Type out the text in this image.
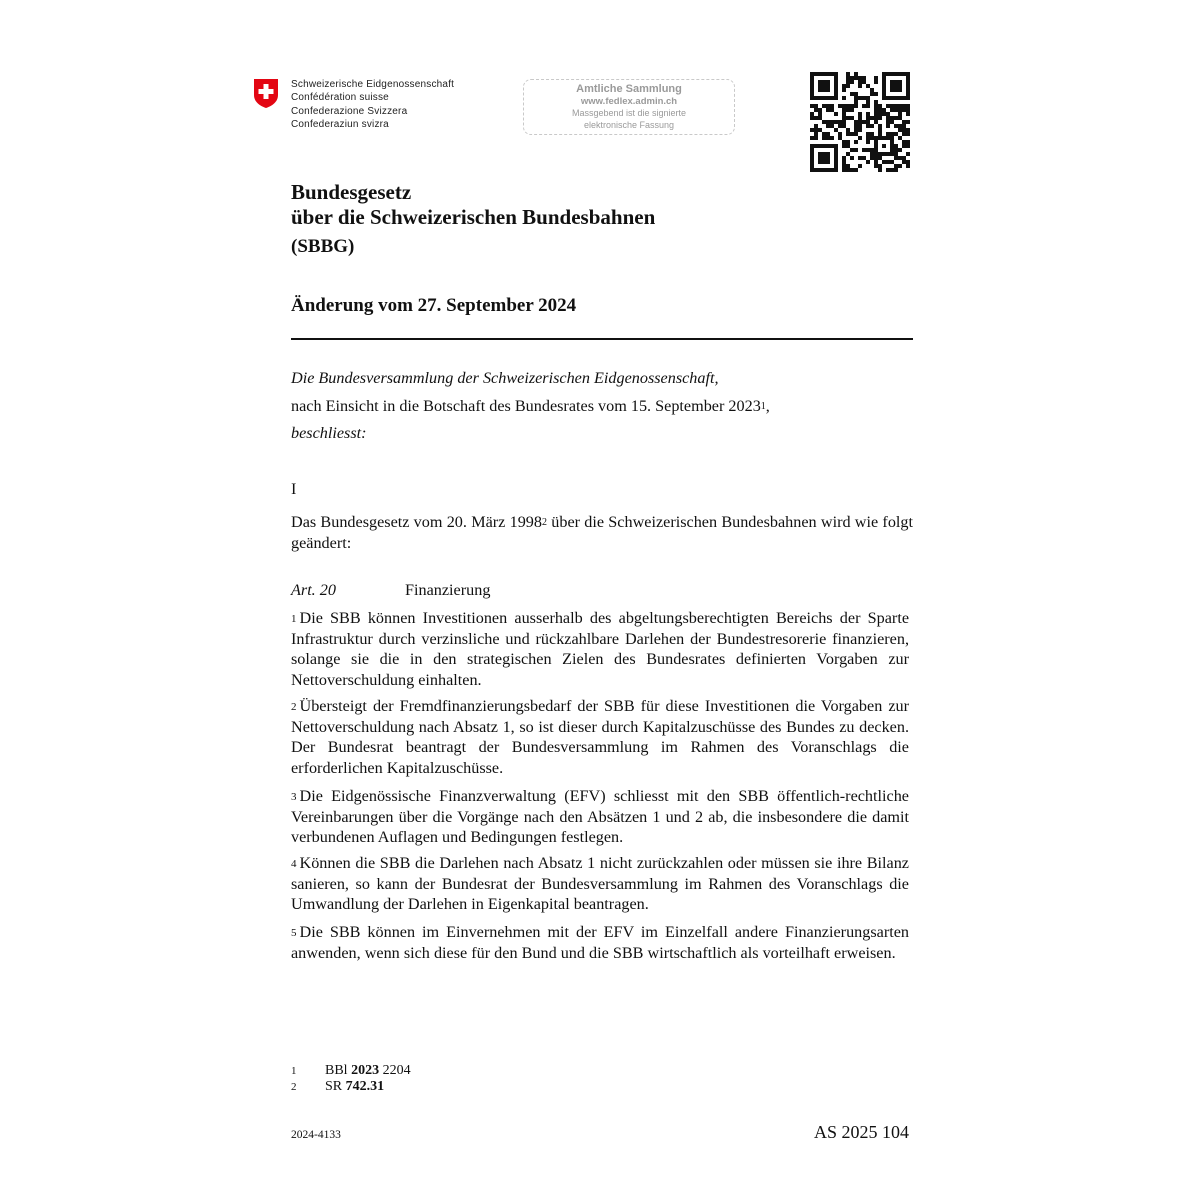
Schweizerische Eidgenossenschaft
Confédération suisse
Confederazione Svizzera
Confederaziun svizra
Amtliche Sammlung
www.fedlex.admin.ch
Massgebend ist die signierte
elektronische Fassung
Bundesgesetz
über die Schweizerischen Bundesbahnen
(SBBG)
Änderung vom 27. September 2024
Die Bundesversammlung der Schweizerischen Eidgenossenschaft,
nach Einsicht in die Botschaft des Bundesrates vom 15. September 2023$^1$,
beschliesst:
I
Das Bundesgesetz vom 20. März 1998$^2$ über die Schweizerischen Bundesbahnen wird wie folgt geändert:
Art. 20	Finanzierung
$^1$ Die SBB können Investitionen ausserhalb des abgeltungsberechtigten Bereichs der Sparte Infrastruktur durch verzinsliche und rückzahlbare Darlehen der Bundestresorerie finanzieren, solange sie die in den strategischen Zielen des Bundesrates definierten Vorgaben zur Nettoverschuldung einhalten.
$^2$ Übersteigt der Fremdfinanzierungsbedarf der SBB für diese Investitionen die Vorgaben zur Nettoverschuldung nach Absatz 1, so ist dieser durch Kapitalzuschüsse des Bundes zu decken. Der Bundesrat beantragt der Bundesversammlung im Rahmen des Voranschlags die erforderlichen Kapitalzuschüsse.
$^3$ Die Eidgenössische Finanzverwaltung (EFV) schliesst mit den SBB öffentlich-rechtliche Vereinbarungen über die Vorgänge nach den Absätzen 1 und 2 ab, die insbesondere die damit verbundenen Auflagen und Bedingungen festlegen.
$^4$ Können die SBB die Darlehen nach Absatz 1 nicht zurückzahlen oder müssen sie ihre Bilanz sanieren, so kann der Bundesrat der Bundesversammlung im Rahmen des Voranschlags die Umwandlung der Darlehen in Eigenkapital beantragen.
$^5$ Die SBB können im Einvernehmen mit der EFV im Einzelfall andere Finanzierungsarten anwenden, wenn sich diese für den Bund und die SBB wirtschaftlich als vorteilhaft erweisen.
1 BBl 2023 2204
2 SR 742.31
2024-4133	AS 2025 104
